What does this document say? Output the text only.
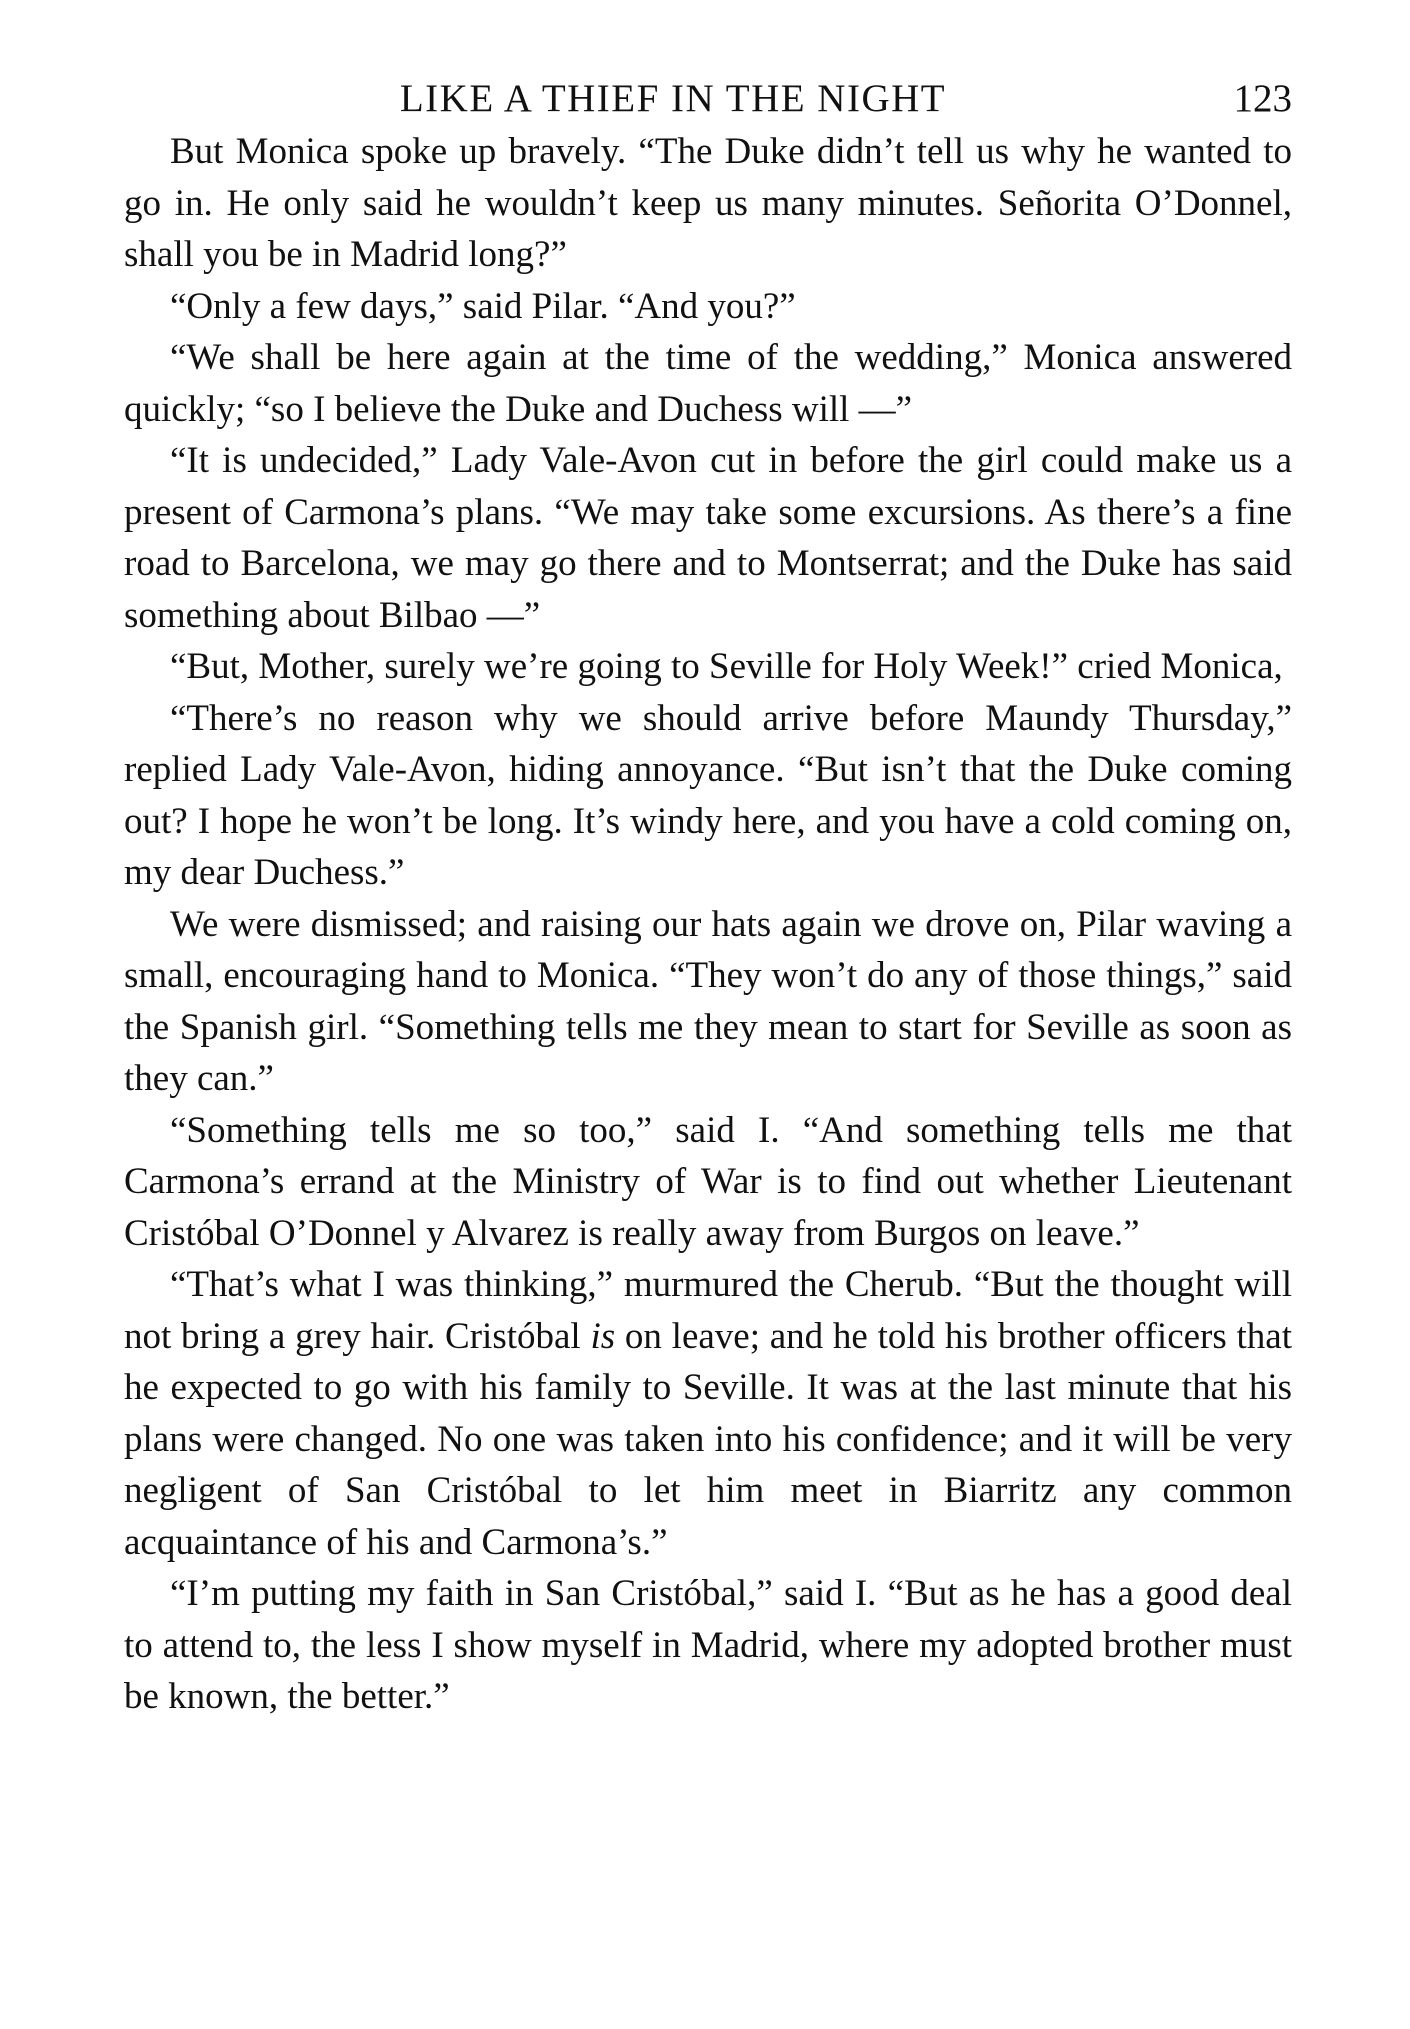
LIKE A THIEF IN THE NIGHT	123

But Monica spoke up bravely. “The Duke didn’t tell us why he wanted to go in. He only said he wouldn’t keep us many minutes. Señorita O’Donnel, shall you be in Madrid long?”

“Only a few days,” said Pilar. “And you?”

“We shall be here again at the time of the wedding,” Monica answered quickly; “so I believe the Duke and Duchess will —”

“It is undecided,” Lady Vale-Avon cut in before the girl could make us a present of Carmona’s plans. “We may take some excursions. As there’s a fine road to Barcelona, we may go there and to Montserrat; and the Duke has said something about Bilbao —”

“But, Mother, surely we’re going to Seville for Holy Week!” cried Monica,

“There’s no reason why we should arrive before Maundy Thursday,” replied Lady Vale-Avon, hiding annoyance. “But isn’t that the Duke coming out? I hope he won’t be long. It’s windy here, and you have a cold coming on, my dear Duchess.”

We were dismissed; and raising our hats again we drove on, Pilar waving a small, encouraging hand to Monica. “They won’t do any of those things,” said the Spanish girl. “Something tells me they mean to start for Seville as soon as they can.”

“Something tells me so too,” said I. “And something tells me that Carmona’s errand at the Ministry of War is to find out whether Lieutenant Cristóbal O’Donnel y Alvarez is really away from Burgos on leave.”

“That’s what I was thinking,” murmured the Cherub. “But the thought will not bring a grey hair. Cristóbal is on leave; and he told his brother officers that he expected to go with his family to Seville. It was at the last minute that his plans were changed. No one was taken into his confidence; and it will be very negligent of San Cristóbal to let him meet in Biarritz any common acquaintance of his and Carmona’s.”

“I’m putting my faith in San Cristóbal,” said I. “But as he has a good deal to attend to, the less I show myself in Madrid, where my adopted brother must be known, the better.”
